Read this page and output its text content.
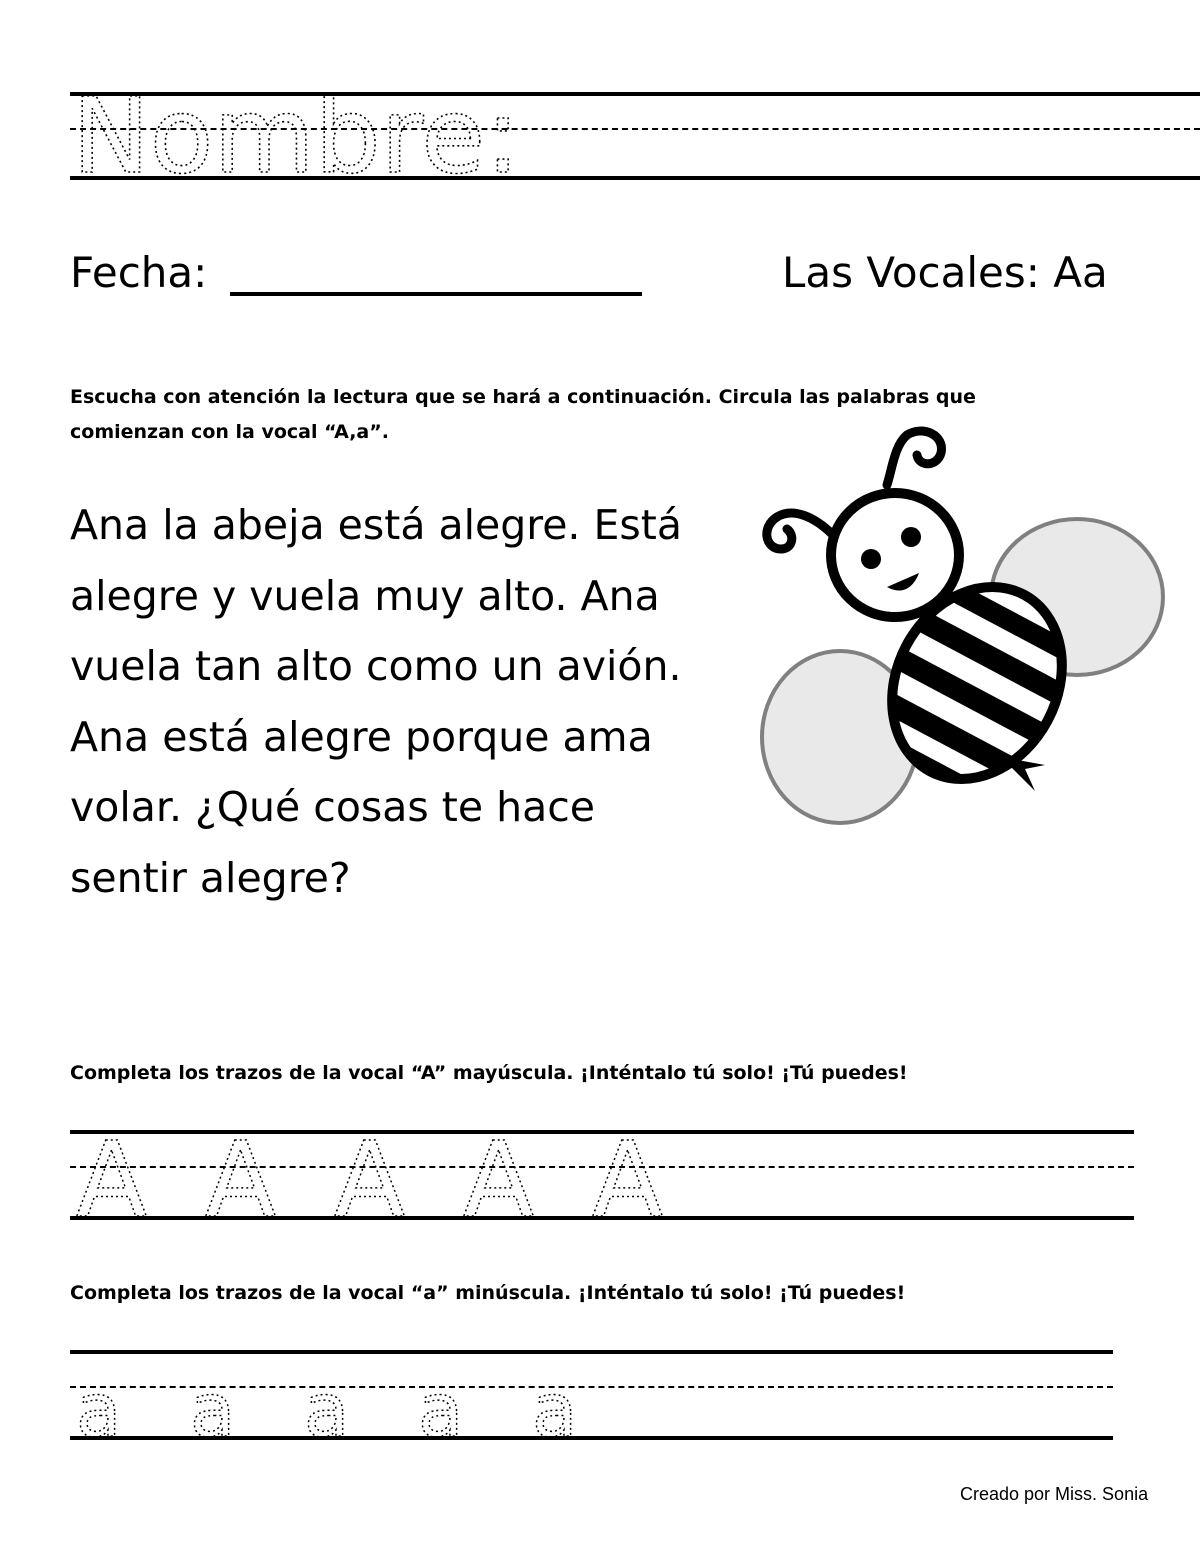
Nombre:
Fecha:	Las Vocales: Aa
Escucha con atención la lectura que se hará a continuación. Circula las palabras que comienzan con la vocal “A,a”.
Ana la abeja está alegre. Está
alegre y vuela muy alto. Ana
vuela tan alto como un avión.
Ana está alegre porque ama
volar. ¿Qué cosas te hace
sentir alegre?
Completa los trazos de la vocal “A” mayúscula. ¡Inténtalo tú solo! ¡Tú puedes!
A A A A A
Completa los trazos de la vocal “a” minúscula. ¡Inténtalo tú solo! ¡Tú puedes!
a a a a a
Creado por Miss. Sonia
